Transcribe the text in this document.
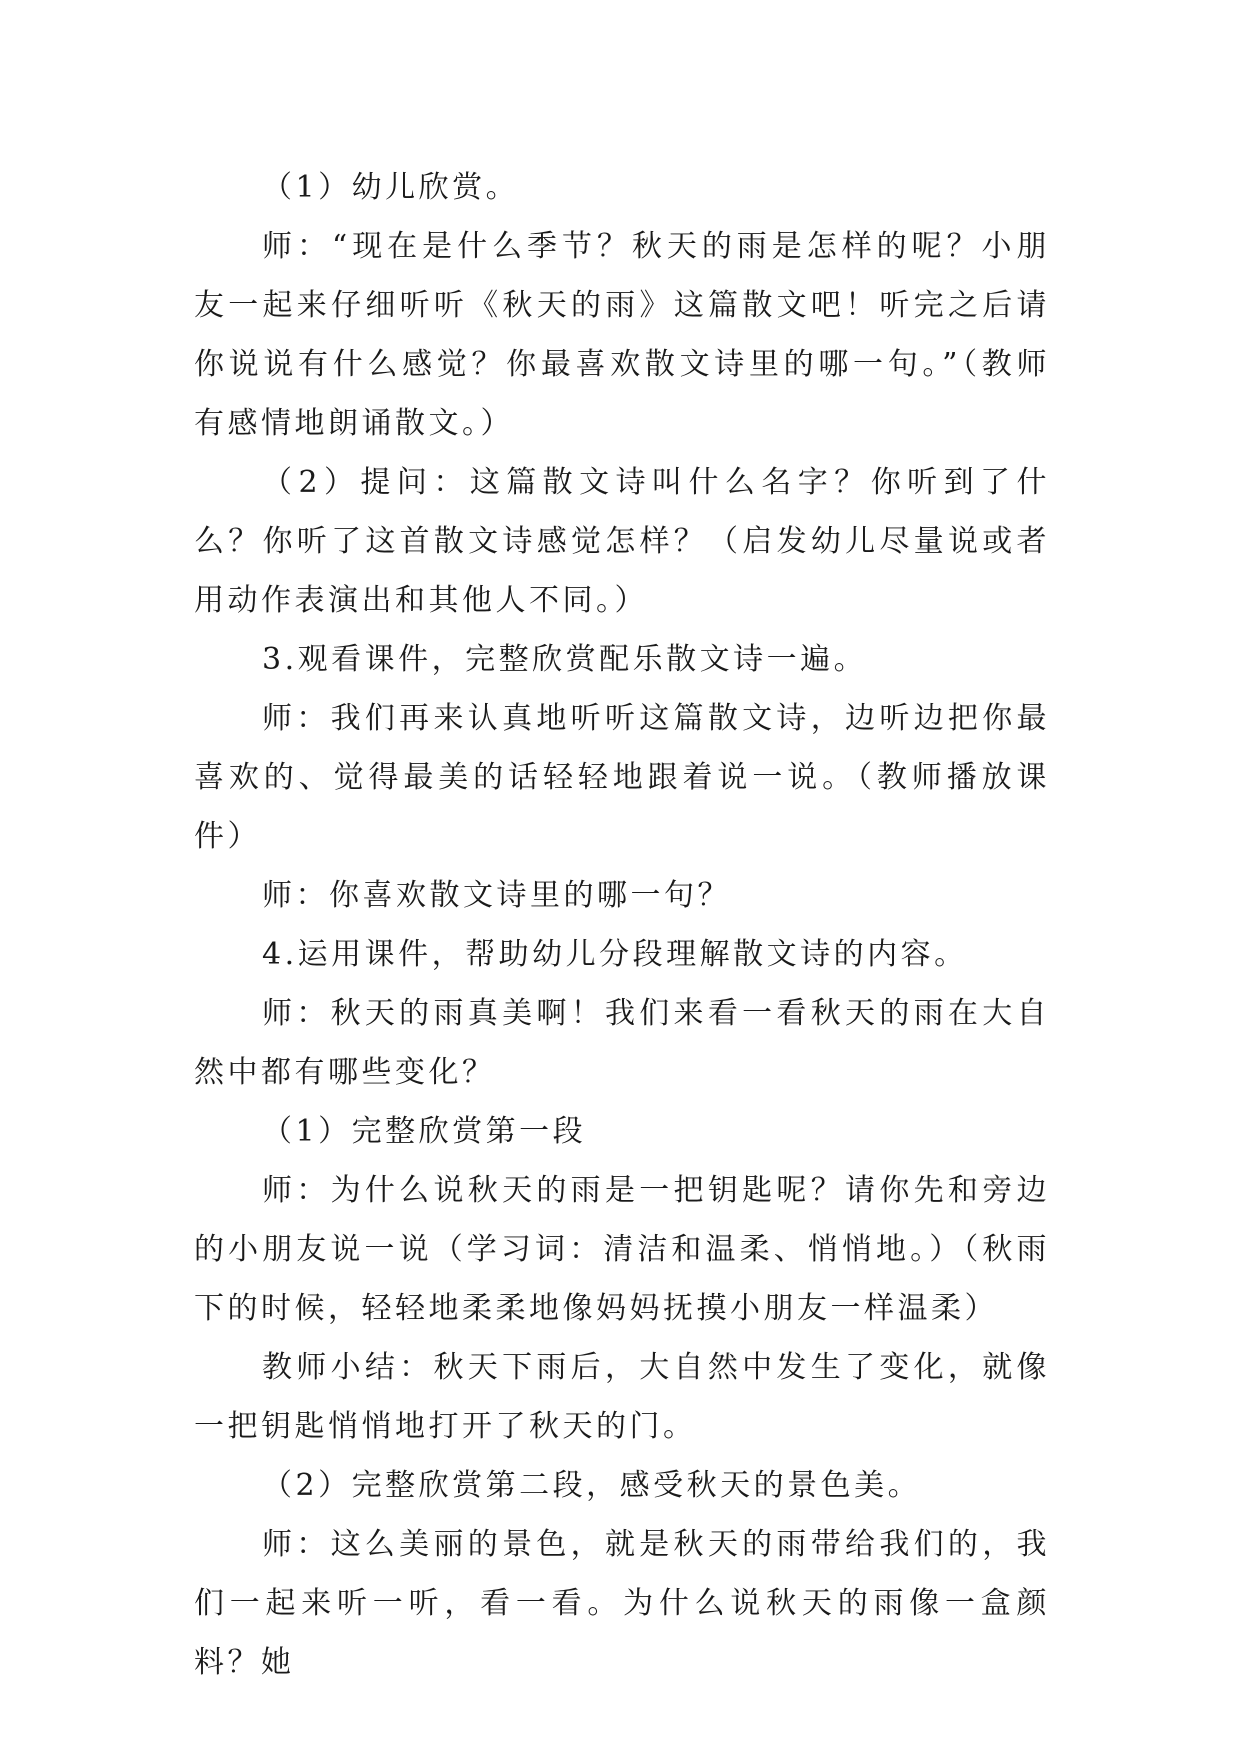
（1）幼儿欣赏。

师：“现在是什么季节？秋天的雨是怎样的呢？小朋友一起来仔细听听《秋天的雨》这篇散文吧！听完之后请你说说有什么感觉？你最喜欢散文诗里的哪一句。”（教师有感情地朗诵散文。）

（2）提问：这篇散文诗叫什么名字？你听到了什么？你听了这首散文诗感觉怎样？（启发幼儿尽量说或者用动作表演出和其他人不同。）

3.观看课件，完整欣赏配乐散文诗一遍。

师：我们再来认真地听听这篇散文诗，边听边把你最喜欢的、觉得最美的话轻轻地跟着说一说。（教师播放课件）

师：你喜欢散文诗里的哪一句？

4.运用课件，帮助幼儿分段理解散文诗的内容。

师：秋天的雨真美啊！我们来看一看秋天的雨在大自然中都有哪些变化？

（1）完整欣赏第一段

师：为什么说秋天的雨是一把钥匙呢？请你先和旁边的小朋友说一说（学习词：清洁和温柔、悄悄地。）（秋雨下的时候，轻轻地柔柔地像妈妈抚摸小朋友一样温柔）

教师小结：秋天下雨后，大自然中发生了变化，就像一把钥匙悄悄地打开了秋天的门。

（2）完整欣赏第二段，感受秋天的景色美。

师：这么美丽的景色，就是秋天的雨带给我们的，我们一起来听一听，看一看。为什么说秋天的雨像一盒颜料？她
